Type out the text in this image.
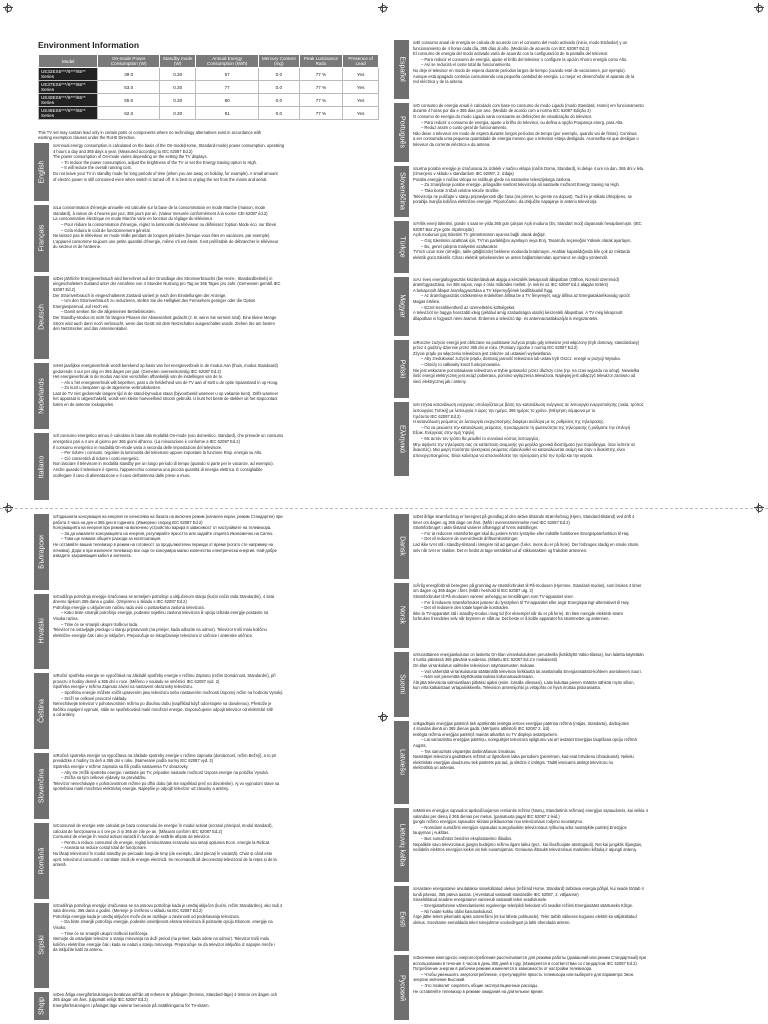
Environment Information
Model	On-mode Power Consumption (W)	Standby mode (W)	Annual Energy Consumption (kWh)	Mercury Content (mg)	Peak Luminance Ratio	Presence of Lead
UE32ES5***/6***/65** Series	39.0	0.30	57	0.0	77 %	Yes
UE37ES5***/6***/65** Series	53.0	0.30	77	0.0	77 %	Yes
UE40ES5***/6***/65** Series	55.0	0.30	80	0.0	77 %	Yes
UE46ES5***/6***/65** Series	62.0	0.30	91	0.0	77 %	Yes
This TV set may contain lead only in certain parts or components where no technology alternatives exist in accordance with
existing exemption clauses under the RoHS Directive.
English
☒ Annual energy consumption is calculated on the basis of the On-mode(Home, Standard-mode) power consumption, operating
4 hours a day and 365 days a year. (Measured according to IEC 62087 Ed.2)
The power consumption of On-mode varies depending on the setting the TV displays.
– To reduce the power consumption, adjust the brightness of the TV or set the Energy Saving option to High.
– It will reduce the overall running cost.
Do not leave your TV in standby mode for long periods of time (when you are away on holiday, for example). A small amount
of electric power is still consumed even when switch is turned off. It is best to unplug the set from the mains and aerial.
Français
☒ La consommation d'énergie annuelle est calculée sur la base de la consommation en mode Marche (maison, mode
standard), à raison de 4 heures par jour, 365 jours par an. (Valeur mesurée conformément à la norme CEI 62087 éd.2)
La consommation électrique en mode Marche varie en fonction du réglage du téléviseur.
– Pour réduire la consommation d'énergie, réglez la luminosité du téléviseur ou définissez l'option Mode éco. sur Élevé.
– Cela réduira le coût de fonctionnement général.
Ne laissez pas le téléviseur en mode Veille pendant de longues périodes (lorsque vous êtes en vacances, par exemple).
L'appareil consomme toujours une petite quantité d'énergie, même s'il est éteint. Il est préférable de débrancher le téléviseur
du secteur et de l'antenne.
Deutsch
☒ Der jährliche Energieverbrauch wird berechnet auf der Grundlage des Stromverbrauchs (bei Heim-, Standardbetrieb) in
eingeschaltetem Zustand unter der Annahme von 4 Stunden Nutzung pro Tag an 365 Tagen pro Jahr. (Gemessen gemäß IEC
62087 Ed.2)
Der Stromverbrauch in eingeschaltetem Zustand variiert je nach den Einstellungen der Anzeige.
– Um den Stromverbrauch zu reduzieren, stellen Sie die Helligkeit des Fernsehers geringer oder die Option
Energiesparmod. auf Hoch ein.
– Damit senken Sie die allgemeinen Betriebskosten.
Der Standby-Modus ist nicht für längere Phasen der Abwesenheit gedacht (z. B. wenn Sie verreist sind). Eine kleine Menge
Strom wird auch dann noch verbraucht, wenn das Gerät mit dem Netzschalter ausgeschaltet wurde. Ziehen Sie am besten
den Netzstecker und das Antennenkabel.
Nederlands
☒ Het jaarlijkse energieverbruik wordt berekend op basis van het energieverbruik in de modus Aan (thuis, modus Standaard)
gedurende 4 uur per dag en 365 dagen per jaar. (Gemeten overeenkomstig IEC 62087 Ed.2)
Het energieverbruik in de modus Aan kan verschillen afhankelijk van de instellingen van de tv.
– Als u het energieverbruik wilt beperken, past u de helderheid van de TV aan of stelt u de optie Spaarstand in op Hoog.
– Zo kunt u besparen op de algemene verbruikskosten.
Laat de TV niet gedurende langere tijd in de stand-bymodus staan (bijvoorbeeld wanneer u op vakantie bent). Zelfs wanneer
het apparaat is uitgeschakeld, wordt een kleine hoeveelheid stroom gebruikt. U kunt het beste de stekker uit het stopcontact
halen en de antenne loskoppelen.
Italiano
☒ Il consumo energetico annuo è calcolato in base alla modalità On-mode (uso domestico, standard), che prevede un consumo
energetico pari a 4 ore al giorno per 365 giorni all'anno. (La misurazione è conforme a IEC 62087 Ed.2)
Il consumo energetico in modalità On-mode varia a seconda delle impostazioni del televisore.
– Per ridurre i consumi, regolare la luminosità del televisore oppure impostare la funzione Risp. energia su Alto.
– Ciò consentirà di ridurre i costi energetici.
Non lasciare il televisore in modalità standby per un lungo periodo di tempo (quando si parte per le vacanze, ad esempio).
Anche quando il televisore è spento, l'apparecchio consuma una piccola quantità di energia elettrica. È consigliabile
scollegare il cavo di alimentazione e il cavo dell'antenna dalle prese a muro.
Español
☒ El consumo anual de energía se calcula de acuerdo con el consumo del modo activado (inicio, modo Estándar) y un
funcionamiento de 4 horas cada día, 365 días al año. (Medición de acuerdo con IEC 62087 Ed.2)
El consumo de energía del modo activado varía de acuerdo con la configuración de la pantalla del televisor.
– Para reducir el consumo de energía, ajuste el brillo del televisor o configure la opción Ahorro energía como Alto.
– Así se reducirá el coste total de funcionamiento.
No deje el televisor en modo de espera durante periodos largos de tiempo (cuando esté de vacaciones, por ejemplo).
Aunque está apagado continúa consumiendo una pequeña cantidad de energía. Lo mejor es desenchufar el aparato de la
red eléctrica y de la antena.
Português
☒ O consumo de energia anual é calculado com base no consumo do modo Ligado (modo Standard, Home) em funcionamento
durante 4 horas por dia e 365 dias por ano. (Medido de acordo com a norma IEC 62087 Edição 2)
O consumo de energia do modo Ligado varia consoante as definições de visualização do televisor.
– Para reduzir o consumo de energia, ajuste o brilho do televisor, ou defina a opção Poupança energ. para Alta.
– Reduz assim o custo geral de funcionamento.
Não deixe o televisor em modo de espera durante longos períodos de tempo (por exemplo, quando vai de férias). Continua
a ser consumida uma pequena quantidade de energia mesmo que o televisor esteja desligado. Aconselha-se que desligue o
televisor da corrente eléctrica e da antena.
Slovenščina
☒ Letna poraba energije je izračunana za izdelek v načinu vklopa (način Doma, Standard), ki deluje 4 ure na dan, 365 dni v letu.
(Izmerjeno v skladu s standardom IEC 62087, 2. izdaja)
Poraba energije v načinu vklopa se razlikuje glede na nastavitve televizijskega zaslona.
– Za zmanjšanje porabe energije, prilagodite svetlost televizorja ali nastavite možnost Energy Saving na High.
– Tako boste znižali celotne tekoče stroške.
Televizorja ne puščajte v stanju pripravljenosti dlje časa (na primer, ko greste na dopust). Tudi ko je stikalo izklopljeno, se
porablja manjša količina električne energije. Priporočamo, da izključite napajanje in anteno televizorja.
Türkçe
☒ Yıllık enerji tüketimi, günde 4 saat ve yılda 365 gün çalışan Açık modunu (Ev, Standart mod) dayanarak hesaplanmıştır. (IEC
62087 Baz.2'ye göre ölçülmüştür)
Açık modunun güç tüketimi TV görüntüsünün ayarına bağlı olarak değişir.
– Güç tüketimini azaltmak için, TV'nin parlaklığını ayarlayın veya Enrj. Tasarrufu seçeneğini Yüksek olarak ayarlayın.
– Bu, genel çalışma maliyetini azaltacaktır.
TV'nizi uzun süre (örneğin, tatile gittiğinizde) bekleme modunda bırakmayın. Anahtar kapatıldığında bile çok az miktarda
elektrik gücü tüketilir. Cihazı elektrik şebekesinden ve anten bağlantılarından ayırmanız en doğru yöntemdir.
Magyar
☒ Az éves energiafogyasztás kiszámításának alapja a készülék bekapcsolt állapotban (Otthon, Normál üzemmód)
áramfogyasztása, évi 365 napos, napi 4 órás működés mellett. (A mérés az IEC 62087 Ed.2 alapján történt)
A bekapcsolt állapot áramfogyasztása a TV képernyőjének beállításaitól függ.
– Az áramfogyasztás csökkentése érdekében állítsa be a TV fényerejét, vagy állítsa az Energiatakarékosság opciót
Magas értékre.
– Ezzel lecsökkenthető az üzemeltetési költségeket.
A televíziót ne hagyja hosszabb ideig (például amíg szabadságra utazik) készenléti állapotban. A TV még kikapcsolt
állapotban is fogyaszt némi áramot. Érdemes a televízió táp- és antennacsatlakozóját is megszüntetni.
Polski
☒ Roczne zużycie energii jest obliczane na podstawie zużycia prądu gdy telewizor jest włączony (tryb domowy, standardowy)
przez 4 godziny dziennie przez 365 dni w roku. (Pomiary zgodne z normą IEC 62087 Ed.2)
Zżycie prądu po włączeniu telewizora jest zależne od ustawień wyświetlania.
– Aby zredukować zużycie prądu, dostosuj jasność telewizora lub ustaw tryb Oszcz. energii w pozycji Wysoka.
– Obniży to całkowity koszt funkcjonowania.
Nie jest wskazane pozostawianie telewizora w trybie gotowości przez dłuższy czas (np. na czas wyjazdu na urlop). Niewielka
ilość energii elektrycznej jest wciąż pobierana, pomimo wyłączenia telewizora. Najlepiej jest odłączyć telewizor zarówno od
sieci elektrycznej jak i anteny.
Ελληνικά
☒ Η ετήσια κατανάλωση ενέργειας υπολογίζεται με βάση την κατανάλωση ενέργειας σε λειτουργία ενεργοποίησης (οικία, τρόπος
λειτουργίας Τυπική) με λειτουργία 4 ώρες την ημέρα, 365 ημέρες το χρόνο. (Μέτρηση σύμφωνα με το
πρότυπο IEC 62087 Ed.2)
Η κατανάλωση ρεύματος σε λειτουργία ενεργοποίησης διαφέρει ανάλογα με τις ρυθμίσεις της τηλεόρασης.
– Για να μειώσετε την κατανάλωση ρεύματος, προσαρμόστε τη φωτεινότητα της τηλεόρασης ή ρυθμίστε την επιλογή
Εξοικ. Ενέργειας στην τιμή Υψηλή.
– Με αυτόν τον τρόπο θα μειωθεί το συνολικό κόστος λειτουργίας.
Μην αφήνετε την τηλεόραση σας σε κατάσταση αναμονής για μεγάλα χρονικά διαστήματα (για παράδειγμα, όταν λείπετε σε
διακοπές). Μια μικρή ποσότητα ηλεκτρικού ρεύματος εξακολουθεί να καταναλώνεται ακόμη και όταν ο διακόπτης είναι
απενεργοποιημένος. Είναι καλύτερα να αποσυνδέσετε την τηλεόραση από την πρίζα και την κεραία.
Български
☒ Годишната консумация на енергия се изчислява на базата на включен режим (начален екран, режим Стандартен) при
работа 4 часа на ден и 365 дни в годината. (Измерено според IEC 62087 Ed.2)
Консумацията на енергия при режим на включено устройство варира в зависимост от настройките на телевизора.
– За да намалите консумацията на енергия, регулирайте яркостта или задайте опцията Икономично на Силно.
– Това ще намали общите разходи за експлоатация.
Не оставяйте вашия телевизор в режим на готовност за продължителни периоди от време (когато сте например на
почивка). Дори и при изключен телевизор все още се консумира малко количество електрическа енергия. Най-добре
извадете захранващия кабел и антената.
Hrvatski
☒ Godišnja potrošnja energije izračunava se temeljem potrošnje u uključenom stanju (kućni način rada Standardni), 4 sata
dnevno tijekom 365 dana u godini. (Izmjereno u skladu s IEC 62087 Ed.2)
Potrošnja energije u uključenom načinu rada ovisi o postavkama zaslona televizora.
– Kako biste smanjili potrošnju energije, podesite svjetlinu zaslona televizora ili opciju Ušteda energije postavite na
Visoka razina.
– Time će se smanjiti ukupni troškovi rada.
Televizor ne ostavljajte predugo u stanju pripravnosti (na primjer, kada odlazite na odmor). Televizor troši malu količinu
električne energije čak i ako je isključen. Preporučuje se iskopčavanje televizora iz utičnice i antenske utičnice.
Čeština
☒ Roční spotřeba energie se vypočítává na základě spotřeby energie v režimu Zapnuto (režim Domácnost, Standardní), při
provozu 4 hodiny denně a 365 dní v roce. (Měřeno v souladu se směrnicí IEC 62087 vyd. 2)
Spotřeba energie v režimu Zapnuto závisí na nastavení obrazovky televizoru.
– Spotřebu energie můžete snížit upravením jasu televizoru nebo nastavením možnosti Úsporný režim na hodnotu Vysoký.
– Sníží se celkové provozní náklady.
Nenechávejte televizor v pohotovostním režimu po dlouhou dobu (například když odcestujete na dovolenou). Přestože je
tlačítko napájení vypnuté, stále se spotřebovává malé množství energie. Doporučujeme odpojit televizor od elektrické sítě
a od antény.
Slovenčina
☒ Ročná spotreba energie sa vypočítava na základe spotreby energie v režime zapnutia (domácnosť, režim Bežný), a to pri
prevádzke 4 hodiny za deň a 365 dní v roku. (Namerané podľa normy IEC 62087 vyd. 2)
Spotreba energie v režime zapnutia sa líši podľa nastavenia TV obrazovky.
– Aby ste znížili spotrebu energie, nastavte jas TV, prípadne nastavte možnosť Úspora energie na položku Vysoká.
– Znížia sa tým celkové výdavky na prevádzku.
Televízor nenechávajte v pohotovostnom režime po dlhú dobu (ak ste napríklad preč na dovolenke). Aj vo vypnutom stave sa
spotrebúva malé množstvo elektrickej energie. Najlepšie je odpojiť televízor od zásuvky a antény.
Română
☒ Consumul de energie este calculat pe baza consumului de energie în modul activat (ecranul principal, modul standard),
calculat de funcționarea a 4 ore pe zi și 365 de zile pe an. (Măsurat conform IEC 62087 Ed.2)
Consumul de energie în modul activat variază în funcție de setările afișate de televizor.
– Pentru a reduce consumul de energie, reglați luminozitatea ecranului sau setați opțiunea Econ. energie la Ridicat.
– Aceasta va reduce costul total de funcționare.
Nu lăsați televizorul în modul standby pe perioade lungi de timp (de exemplu, când plecați în vacanță). Chiar și când este
oprit, televizorul consumă o cantitate mică de energie electrică. Se recomandă să deconectați televizorul de la rețea și de la
antenă.
Srpski
☒ Godišnja potrošnja energije izračunava se na osnovu potrošnje kada je uređaj uključen (kućni, režim Standardno), ako radi 4
sata dnevno, 365 dana u godini. (Merenje je izvršeno u skladu sa IEC 62087 Ed.2)
Potrošnja energije kada je uređaj uključen može da se razlikuje u zavisnosti od podešavanja televizora.
– Da biste smanjili potrošnju energije, podesite osvetljenost ekrana televizora ili postavite opciju Ekonom. energije na
Visoko.
– Time će se smanjiti ukupni troškovi korišćenja.
Nemojte da ostavljate televizor u stanju mirovanja na duži period (na primer, kada odete na odmor). Televizor troši malu
količinu električne energije čak i kada se nalazi u stanju mirovanja. Preporučuje se da televizor isključite iz napojne mreže i
da isključite kabl za antenu.
Shqip
☒ Den årliga energiförbrukningen beräknas utifrån att enheten är påslagen (hemma, Standard-läge) 4 timmar om dagen och
365 dagar om året. (Uppmätt enligt IEC 62087 Ed.2)
Energiförbrukningen i påslaget läge varierar beroende på inställningarna för TV-skärm.
Dansk
☒ Det årlige strømforbrug er beregnet på grundlag af den aktive tilstands strømforbrug (Hjem, Standard-tilstand) ved drift 4
timer om dagen og 365 dage om året. (Målt i overensstemmelse med IEC 62087 Ed.2)
Strømforbruget i aktiv tilstand varierer afhængigt af tv'ets indstillinger.
– For at reducere strømforbruget skal du justere tv'ets lysstyrke eller indstille funktionen Energisparefunktion til Høj.
– Det vil reducere de overordnede driftsomkostninger.
Lad ikke tv'et stå i standby-tilstand i længere tid ad gangen (f.eks. mens du er på ferie). Der forbruges stadig en smule strøm,
selv når tv'et er slukket. Det er bedst at tage netstikket ud af stikkontakten og frakoble antennen.
Norsk
☒ Årlig energiforbruk beregnes på grunnlag av strømforbruket til På-modusen (Hjemme, Standard-modus), som brukes 4 timer
om dagen og 365 dager i året. (Målt i henhold til IEC 62087 utg. 2)
Strømforbruket til På-modusen varierer avhengig av innstillingen som TV-apparatet viser.
– For å redusere strømforbruket justerer du lysstyrken til TV-apparatet eller angir Energisparingr-alternativet til Høy.
– Det vil redusere den totale løpende kostnaden.
Ikke la TV-apparatet stå i standby-modus i lang tid (for eksempel når du er på ferie). En liten mengde elektrisk strøm
forbrukes fremdeles selv når bryteren er slått av. Det beste er å koble apparatet fra strømnettet og antennen.
Suomi
☒ Vuosittainen energiankulutus on laskettu On-tilan virrankulutuksen perusteella (kotikäyttö Vakio-tilassa), kun laitetta käytetään
4 tuntia päivässä 365 päivänä vuodessa. (Mitattu IEC 62087 Ed.2:n mukaisesti)
On-tilan virrankulutus vaihtelee televisioon näytöasetusten mukaan.
– Voit vähentää virrankulutusta säätämällä television kirkkautta tai asettamalla Energiansäästö-kohteen asetukseen Suuri.
– Näin voit pienentää käyttökustannuksia kokonaisuudessaan.
Älä jätä televisiota valmiustilaan pitkäksi ajaksi (esim. lomalla ollessasi). Laite kuluttaa pienen määrän sähköä myös silloin,
kun virta katkaistaan virtapainikkeella. Television antennijohto ja virtajohto on hyvä irrottaa pistorasiasta.
Latviešu
☒ Ikgadējais enerģijas patēriņš tiek aprēķināts ieslēgta ierīces enerģijas patēriņa režīmā (mājas, Standarta), darbojoties
4 stundas dienā un 365 dienas gadā. (Mērījums atbilstoši IEC 62087 2. izd)
Ieslēgta režīma enerģijas patēriņš mainās atkarībā no TV displeja iestatījumiem.
– Lai samazinātu enerģijas patēriņu, noregulējiet televizora spilgtumu vai arī iestatiet Enerģijas taupīšana opciju režīmā
Augsts.
– Tas samazinās vispārējās darbināšanas izmaksas.
Neatstājiet televizoru gaidstāves režīmā uz ilgstošiem laika periodiem (piemēram, kad esat brīvdienu izbraukumā). Nelielu
elektriskās enerģijas daudzumu tiek patērēts pat tad, ja slēdzis ir izslēgts. Tādēļ ieteicams atslēgt televizoru no
elektrotīkla un antenas.
Lietuvių kalba
☒ Metinės energijos sąnaudos apskaičiuojamos remiantis režimo (Namų, Standartinis režimas) energijos sąnaudomis, kai veikia 4
valandas per dieną ir 365 dienas per metus. (pamatuota pagal IEC 62087 2 leid.)
Įjungto režimo energijos sąnaudos skiriasi priklausomai nuo televizoriaus rodymo nuostatymo.
– Norėdami sumažinti energijos sąnaudas sureguliuokite televizoriaus ryškumą arba nustatykite parinktį Energijos
taupymas į Aukštas.
– Bus sumažintos bendros eksploatavimo išlaidos.
Nepalikite savo televizoriaus įjungto budėjimo režimu ilgam laikui (pvz., kai išvažiuojate atostogauti). Net kai jungiklis išjungtas,
nedidelis elektros energijos kiekis vis tiek suvartojamas. Geriausia ištraukti televizoriaus maitinimo kištuką ir atjungti anteną.
Eesti
☒ Aastane energiatarve arvutatakse sisselülitatud olekus (režiimid Home, Standard) tarbitava energia põhjal, kui seade töötab 4
tundi päevas, 365 päeva aastas. (Arvestatud vastavalt standardile IEC 62087, 2. väljaanne)
Sisselülitatud seadme energiatarve varieerub vastavalt teleri seadistusele.
– Energiatarbimise vähendamiseks reguleerige teleripildi heledust või seadke režiimi Energiasääst väärtuseks Kõrge.
– Nii hoiate kokku üldisi kasutuskulusid.
Ärge jätke telerit pikemaks ajaks ooterežiimi (nt kui lähete puhkusele). Teler tarbib väikeses koguses elektrit ka väljalülitatud
olekus. Soovitame eemaldada teleri toitejuhtme vooluvõrgust ja lahti ühendada antenn.
Русский
☒ Значение ежегодного энергопотребления рассчитывается для режима работы (домашний или режим Стандартный) при
использовании в течение 4 часов в день 365 дней в году. (Измеряется в соответствии со стандартом IEC 62087 Ed.2)
Потребление энергии в рабочем режиме изменяется в зависимости от настройки телевизора.
– Чтобы уменьшить энергопотребление, отрегулируйте яркость телевизора или выберите для параметра Экон.
энергии значение Высокий.
– Это позволит сократить общие эксплуатационные расходы.
Не оставляйте телевизор в режиме ожидания на длительное время.
